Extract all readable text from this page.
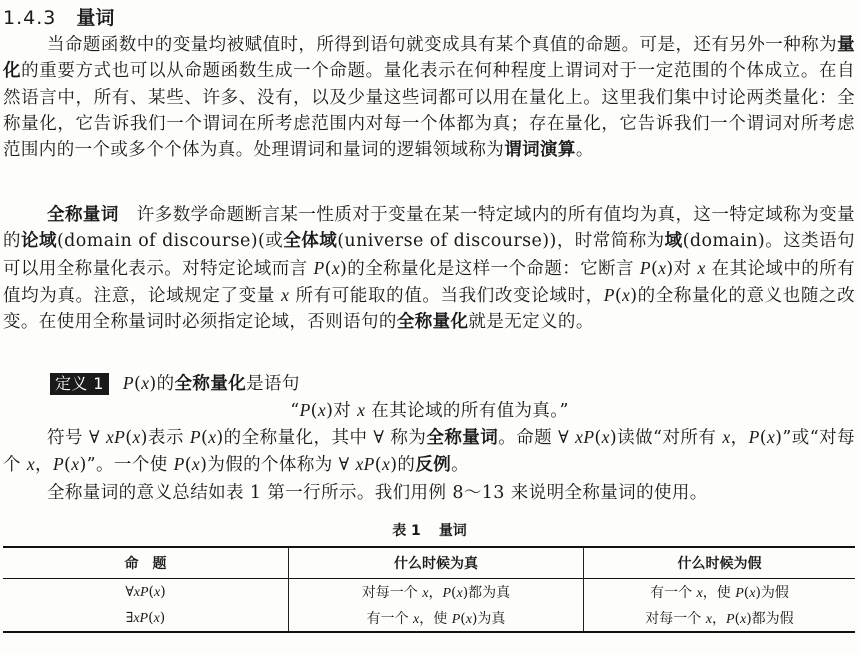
1.4.3 量词

当命题函数中的变量均被赋值时，所得到语句就变成具有某个真值的命题。可是，还有另外一种称为量化的重要方式也可以从命题函数生成一个命题。量化表示在何种程度上谓词对于一定范围的个体成立。在自然语言中，所有、某些、许多、没有，以及少量这些词都可以用在量化上。这里我们集中讨论两类量化：全称量化，它告诉我们一个谓词在所考虑范围内对每一个体都为真；存在量化，它告诉我们一个谓词对所考虑范围内的一个或多个个体为真。处理谓词和量词的逻辑领域称为谓词演算。

全称量词　许多数学命题断言某一性质对于变量在某一特定域内的所有值均为真，这一特定域称为变量的论域(domain of discourse)(或全体域(universe of discourse))，时常简称为域(domain)。这类语句可以用全称量化表示。对特定论域而言 P(x)的全称量化是这样一个命题：它断言 P(x)对 x 在其论域中的所有值均为真。注意，论域规定了变量 x 所有可能取的值。当我们改变论域时，P(x)的全称量化的意义也随之改变。在使用全称量词时必须指定论域，否则语句的全称量化就是无定义的。

定义 1 P(x)的全称量化是语句
“P(x)对 x 在其论域的所有值为真。”

符号 ∀ xP(x)表示 P(x)的全称量化，其中 ∀ 称为全称量词。命题 ∀ xP(x)读做“对所有 x，P(x)”或“对每个 x，P(x)”。一个使 P(x)为假的个体称为 ∀ xP(x)的反例。

全称量词的意义总结如表 1 第一行所示。我们用例 8～13 来说明全称量词的使用。

表 1 量词
命　题	什么时候为真	什么时候为假
∀xP(x)	对每一个 x，P(x)都为真	有一个 x，使 P(x)为假
∃xP(x)	有一个 x，使 P(x)为真	对每一个 x，P(x)都为假
